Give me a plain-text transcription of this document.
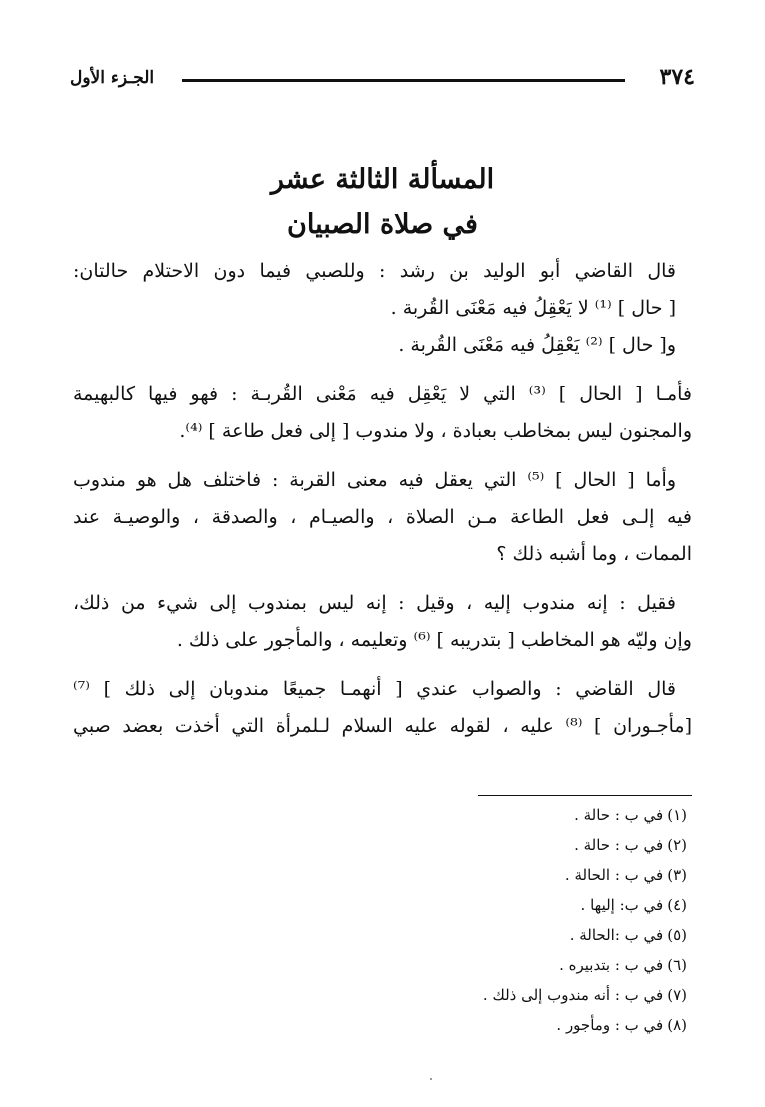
٣٧٤
الجـزء الأول
المسألة الثالثة عشر
في صلاة الصبيان
قال القاضي أبو الوليد بن رشد : وللصبي فيما دون الاحتلام حالتان:
[ حال ] ⁽¹⁾ لا يَعْقِلُ فيه مَعْنَى القُربة .
و[ حال ] ⁽²⁾ يَعْقِلُ فيه مَعْنَى القُربة .
فأمـا [ الحال ] ⁽³⁾ التي لا يَعْقِل فيه مَعْنى القُربـة : فهو فيها كالبهيمة
والمجنون ليس بمخاطب بعبادة ، ولا مندوب [ إلى فعل طاعة ] ⁽⁴⁾.
وأما [ الحال ] ⁽⁵⁾ التي يعقل فيه معنى القربة : فاختلف هل هو مندوب
فيه إلـى فعل الطاعة مـن الصلاة ، والصيـام ، والصدقة ، والوصيـة عند
الممات ، وما أشبه ذلك ؟
فقيل : إنه مندوب إليه ، وقيل : إنه ليس بمندوب إلى شيء من ذلك،
وإن وليّه هو المخاطب [ بتدريبه ] ⁽⁶⁾ وتعليمه ، والمأجور على ذلك .
قال القاضي : والصواب عندي [ أنهمـا جميعًا مندوبان إلى ذلك ] ⁽⁷⁾
[مأجـوران ] ⁽⁸⁾ عليه ، لقوله عليه السلام لـلمرأة التي أخذت بعضد صبي
(١)في ب : حالة .
(٢)في ب : حالة .
(٣)في ب : الحالة .
(٤)في ب: إليها .
(٥)في ب :الحالة .
(٦)في ب : بتدبيره .
(٧)في ب : أنه مندوب إلى ذلك .
(٨)في ب : ومأجور .
